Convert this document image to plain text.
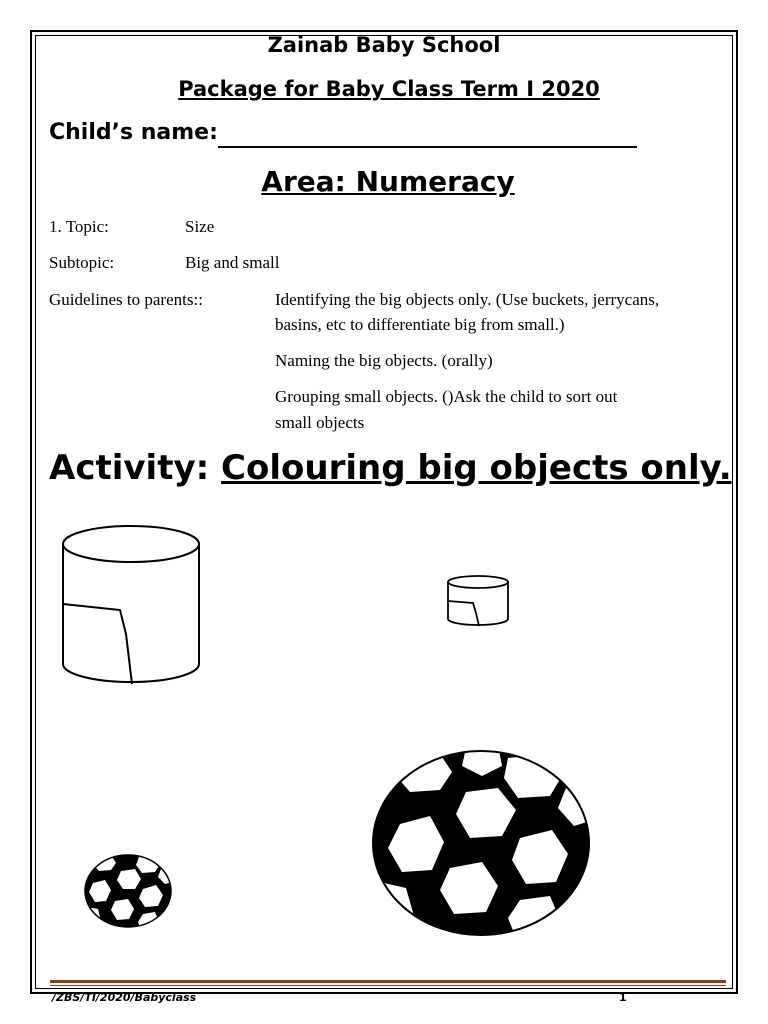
Zainab Baby School
Package for Baby Class Term I 2020
Child’s name:
Area: Numeracy
1. Topic:	Size
Subtopic:	Big and small
Guidelines to parents::	Identifying the big objects only. (Use buckets, jerrycans,
basins, etc to differentiate big from small.)
Naming the big objects. (orally)
Grouping small objects. ()Ask the child to sort out
small objects
Activity: Colouring big objects only.
/ZBS/TI/2020/Babyclass	1
